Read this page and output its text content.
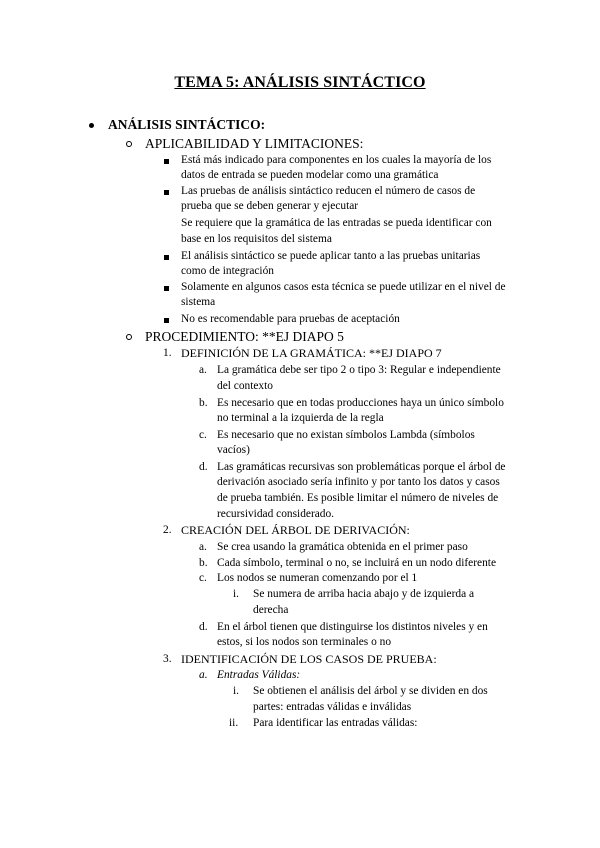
TEMA 5: ANÁLISIS SINTÁCTICO
ANÁLISIS SINTÁCTICO:
APLICABILIDAD Y LIMITACIONES:
Está más indicado para componentes en los cuales la mayoría de los
datos de entrada se pueden modelar como una gramática
Las pruebas de análisis sintáctico reducen el número de casos de
prueba que se deben generar y ejecutar
Se requiere que la gramática de las entradas se pueda identificar con
base en los requisitos del sistema
El análisis sintáctico se puede aplicar tanto a las pruebas unitarias
como de integración
Solamente en algunos casos esta técnica se puede utilizar en el nivel de
sistema
No es recomendable para pruebas de aceptación
PROCEDIMIENTO: **EJ DIAPO 5
1. DEFINICIÓN DE LA GRAMÁTICA: **EJ DIAPO 7
a. La gramática debe ser tipo 2 o tipo 3: Regular e independiente
del contexto
b. Es necesario que en todas producciones haya un único símbolo
no terminal a la izquierda de la regla
c. Es necesario que no existan símbolos Lambda (símbolos
vacíos)
d. Las gramáticas recursivas son problemáticas porque el árbol de
derivación asociado sería infinito y por tanto los datos y casos
de prueba también. Es posible limitar el número de niveles de
recursividad considerado.
2. CREACIÓN DEL ÁRBOL DE DERIVACIÓN:
a. Se crea usando la gramática obtenida en el primer paso
b. Cada símbolo, terminal o no, se incluirá en un nodo diferente
c. Los nodos se numeran comenzando por el 1
i. Se numera de arriba hacia abajo y de izquierda a
derecha
d. En el árbol tienen que distinguirse los distintos niveles y en
estos, si los nodos son terminales o no
3. IDENTIFICACIÓN DE LOS CASOS DE PRUEBA:
a. Entradas Válidas:
i. Se obtienen el análisis del árbol y se dividen en dos
partes: entradas válidas e inválidas
ii. Para identificar las entradas válidas:
